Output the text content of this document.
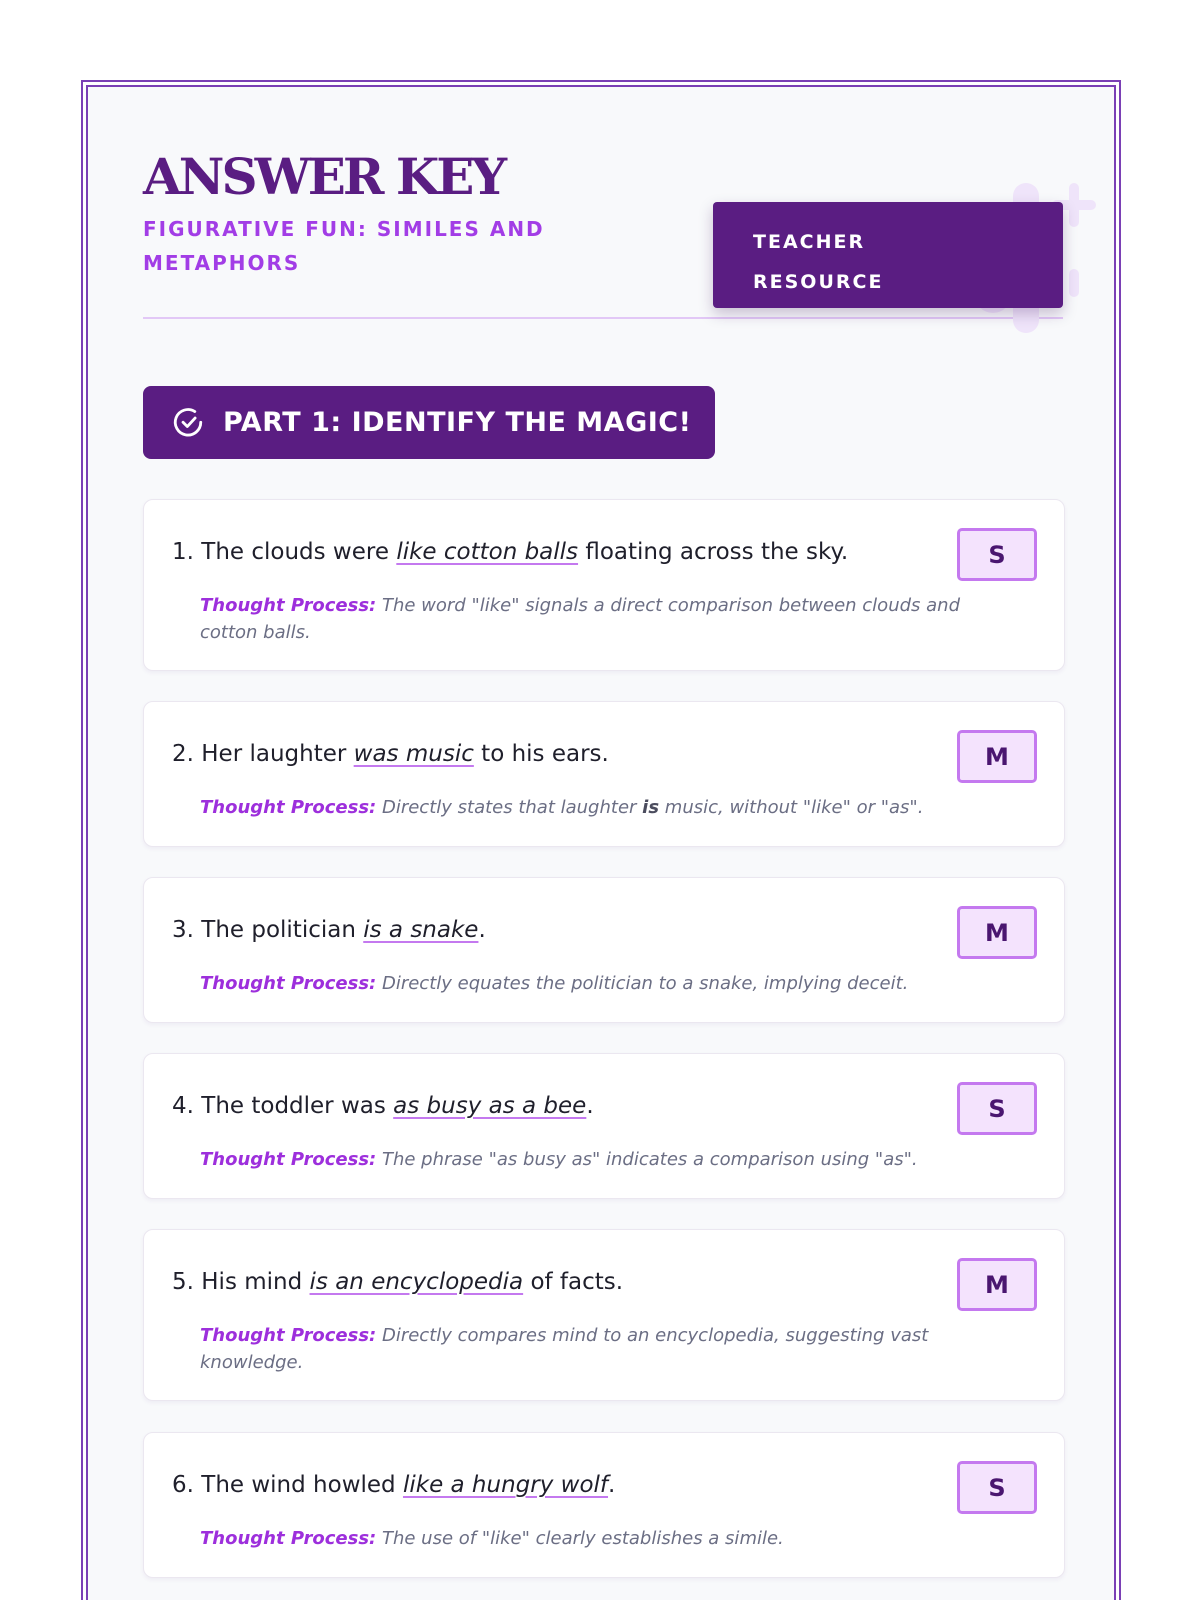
ANSWER KEY

FIGURATIVE FUN: SIMILES AND METAPHORS

TEACHER
RESOURCE
PART 1: IDENTIFY THE MAGIC!

1. The clouds were like cotton balls floating across the sky.	S

Thought Process: The word "like" signals a direct comparison between clouds and cotton balls.

2. Her laughter was music to his ears.	M

Thought Process: Directly states that laughter is music, without "like" or "as".

3. The politician is a snake.	M

Thought Process: Directly equates the politician to a snake, implying deceit.

4. The toddler was as busy as a bee.	S

Thought Process: The phrase "as busy as" indicates a comparison using "as".

5. His mind is an encyclopedia of facts.	M

Thought Process: Directly compares mind to an encyclopedia, suggesting vast knowledge.

6. The wind howled like a hungry wolf.	S

Thought Process: The use of "like" clearly establishes a simile.
